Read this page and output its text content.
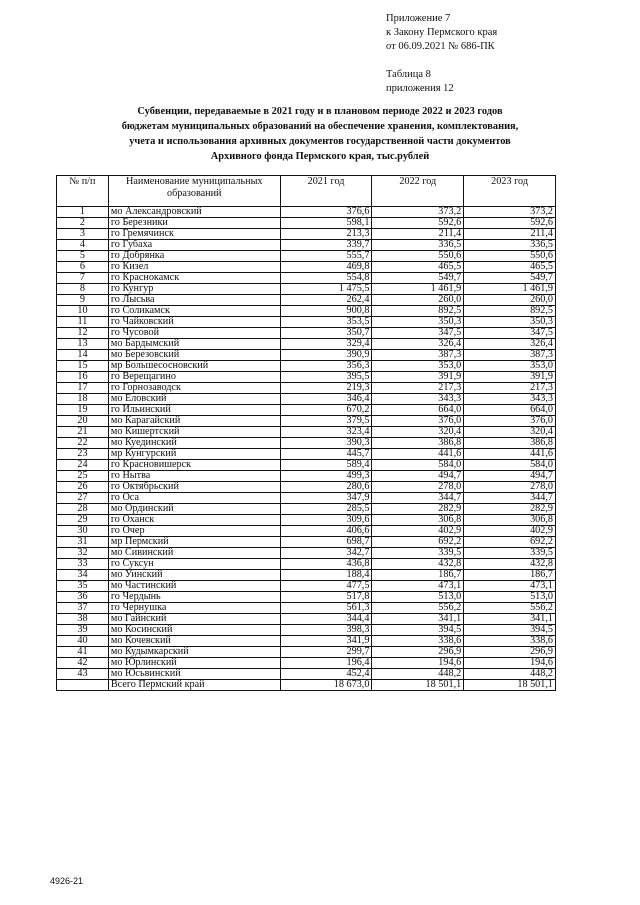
Приложение 7
к Закону Пермского края
от 06.09.2021 № 686-ПК
Таблица 8
приложения 12
Субвенции, передаваемые в 2021 году и в плановом периоде 2022 и 2023 годов
бюджетам муниципальных образований на обеспечение хранения, комплектования,
учета и использования архивных документов государственной части документов
Архивного фонда Пермского края, тыс.рублей
№ п/п	Наименование муниципальных образований	2021 год	2022 год	2023 год
1	мо Александровский	376,6	373,2	373,2
2	го Березники	598,1	592,6	592,6
3	го Гремячинск	213,3	211,4	211,4
4	го Губаха	339,7	336,5	336,5
5	го Добрянка	555,7	550,6	550,6
6	го Кизел	469,8	465,5	465,5
7	го Краснокамск	554,8	549,7	549,7
8	го Кунгур	1 475,5	1 461,9	1 461,9
9	го Лысьва	262,4	260,0	260,0
10	го Соликамск	900,8	892,5	892,5
11	го Чайковский	353,5	350,3	350,3
12	го Чусовой	350,7	347,5	347,5
13	мо Бардымский	329,4	326,4	326,4
14	мо Березовский	390,9	387,3	387,3
15	мр Большесосновский	356,3	353,0	353,0
16	го Верещагино	395,5	391,9	391,9
17	го Горнозаводск	219,3	217,3	217,3
18	мо Еловский	346,4	343,3	343,3
19	го Ильинский	670,2	664,0	664,0
20	мо Карагайский	379,5	376,0	376,0
21	мо Кишертский	323,4	320,4	320,4
22	мо Куединский	390,3	386,8	386,8
23	мр Кунгурский	445,7	441,6	441,6
24	го Красновишерск	589,4	584,0	584,0
25	го Нытва	499,3	494,7	494,7
26	го Октябрьский	280,6	278,0	278,0
27	го Оса	347,9	344,7	344,7
28	мо Ординский	285,5	282,9	282,9
29	го Оханск	309,6	306,8	306,8
30	го Очер	406,6	402,9	402,9
31	мр Пермский	698,7	692,2	692,2
32	мо Сивинский	342,7	339,5	339,5
33	го Суксун	436,8	432,8	432,8
34	мо Уинский	188,4	186,7	186,7
35	мо Частинский	477,5	473,1	473,1
36	го Чердынь	517,8	513,0	513,0
37	го Чернушка	561,3	556,2	556,2
38	мо Гайнский	344,4	341,1	341,1
39	мо Косинский	398,3	394,5	394,5
40	мо Кочевский	341,9	338,6	338,6
41	мо Кудымкарский	299,7	296,9	296,9
42	мо Юрлинский	196,4	194,6	194,6
43	мо Юсьвинский	452,4	448,2	448,2
	Всего Пермский край	18 673,0	18 501,1	18 501,1
4926-21
